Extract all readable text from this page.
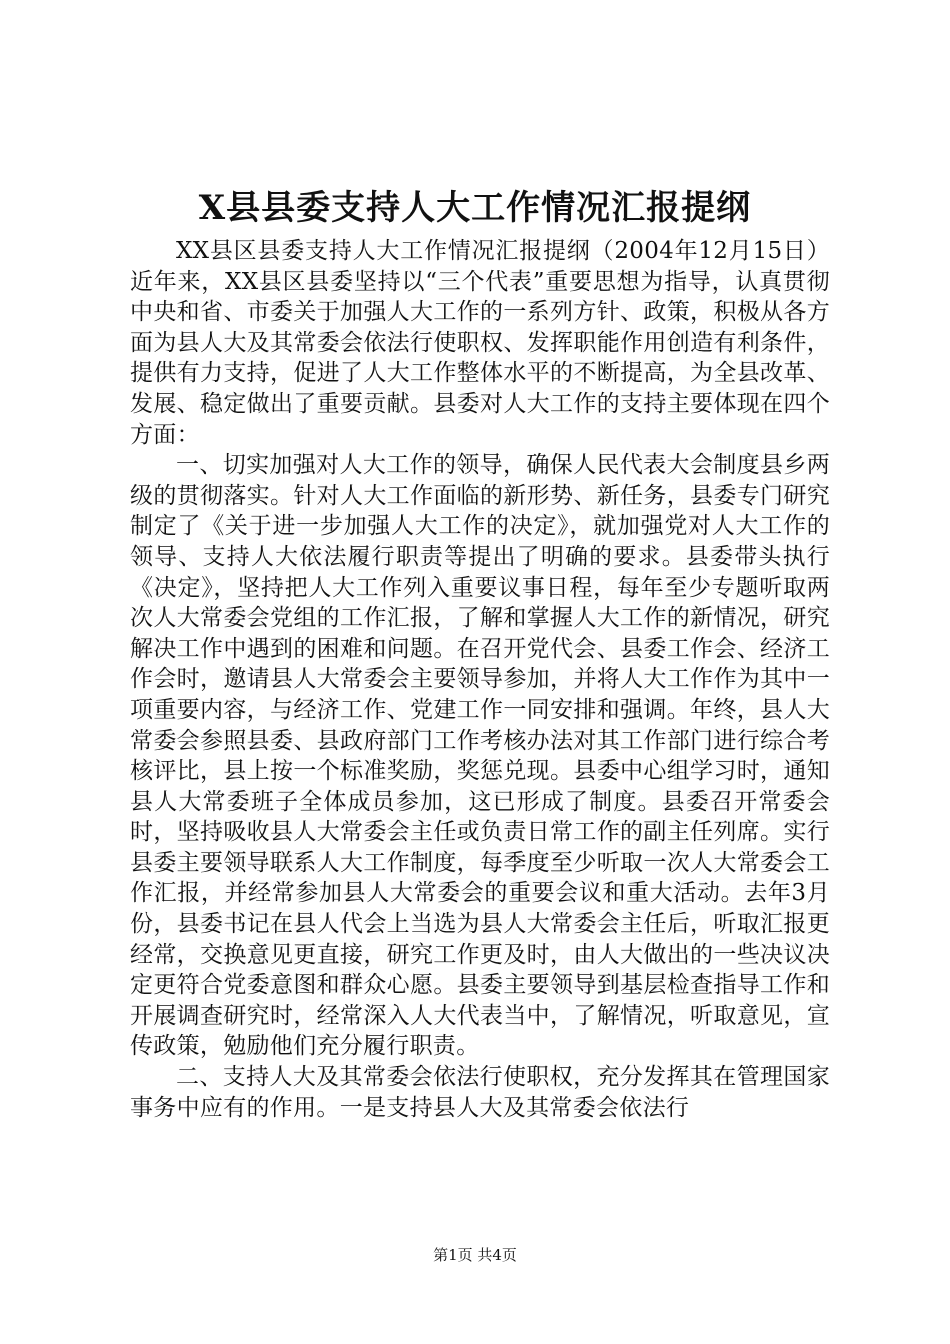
X县县委支持人大工作情况汇报提纲

XX县区县委支持人大工作情况汇报提纲（2004年12月15日）近年来，XX县区县委坚持以“三个代表”重要思想为指导，认真贯彻中央和省、市委关于加强人大工作的一系列方针、政策，积极从各方面为县人大及其常委会依法行使职权、发挥职能作用创造有利条件，提供有力支持，促进了人大工作整体水平的不断提高，为全县改革、发展、稳定做出了重要贡献。县委对人大工作的支持主要体现在四个方面：

一、切实加强对人大工作的领导，确保人民代表大会制度县乡两级的贯彻落实。针对人大工作面临的新形势、新任务，县委专门研究制定了《关于进一步加强人大工作的决定》，就加强党对人大工作的领导、支持人大依法履行职责等提出了明确的要求。县委带头执行《决定》，坚持把人大工作列入重要议事日程，每年至少专题听取两次人大常委会党组的工作汇报，了解和掌握人大工作的新情况，研究解决工作中遇到的困难和问题。在召开党代会、县委工作会、经济工作会时，邀请县人大常委会主要领导参加，并将人大工作作为其中一项重要内容，与经济工作、党建工作一同安排和强调。年终，县人大常委会参照县委、县政府部门工作考核办法对其工作部门进行综合考核评比，县上按一个标准奖励，奖惩兑现。县委中心组学习时，通知县人大常委班子全体成员参加，这已形成了制度。县委召开常委会时，坚持吸收县人大常委会主任或负责日常工作的副主任列席。实行县委主要领导联系人大工作制度，每季度至少听取一次人大常委会工作汇报，并经常参加县人大常委会的重要会议和重大活动。去年3月份，县委书记在县人代会上当选为县人大常委会主任后，听取汇报更经常，交换意见更直接，研究工作更及时，由人大做出的一些决议决定更符合党委意图和群众心愿。县委主要领导到基层检查指导工作和开展调查研究时，经常深入人大代表当中，了解情况，听取意见，宣传政策，勉励他们充分履行职责。

二、支持人大及其常委会依法行使职权，充分发挥其在管理国家事务中应有的作用。一是支持县人大及其常委会依法行

第1页 共4页
